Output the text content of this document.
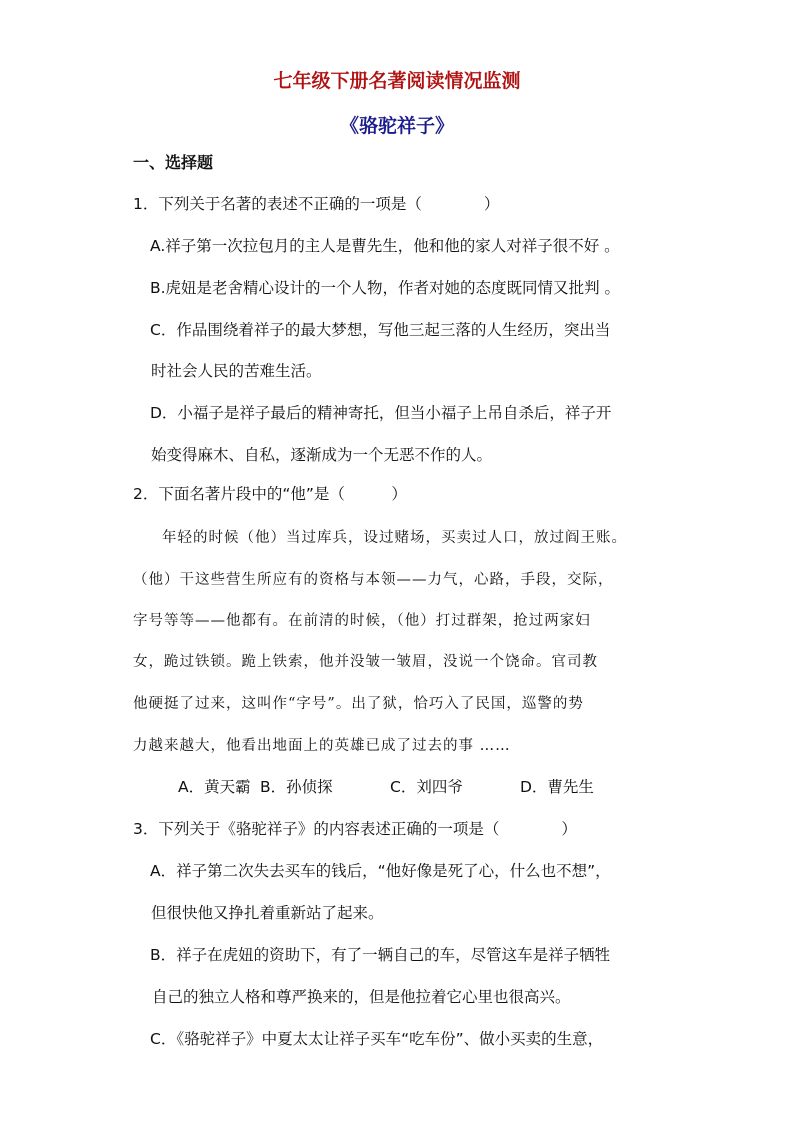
七年级下册名著阅读情况监测
《骆驼祥子》
一、选择题
1．下列关于名著的表述不正确的一项是（　　　　）
A.祥子第一次拉包月的主人是曹先生，他和他的家人对祥子很不好 。
B.虎妞是老舍精心设计的一个人物，作者对她的态度既同情又批判 。
C．作品围绕着祥子的最大梦想，写他三起三落的人生经历，突出当
时社会人民的苦难生活。
D．小福子是祥子最后的精神寄托，但当小福子上吊自杀后，祥子开
始变得麻木、自私，逐渐成为一个无恶不作的人。
2．下面名著片段中的“他”是（　　　）
年轻的时候（他）当过库兵，设过赌场，买卖过人口，放过阎王账。
（他）干这些营生所应有的资格与本领——力气，心路，手段，交际，
字号等等——他都有。在前清的时候，（他）打过群架，抢过两家妇
女，跪过铁锁。跪上铁索，他并没皱一皱眉，没说一个饶命。官司教
他硬挺了过来，这叫作“字号”。出了狱，恰巧入了民国，巡警的势
力越来越大，他看出地面上的英雄已成了过去的事 ……
A．黄天霸 B．孙侦探	C．刘四爷	D．曹先生
3．下列关于《骆驼祥子》的内容表述正确的一项是（　　　　）
A．祥子第二次失去买车的钱后，“他好像是死了心，什么也不想”，
但很快他又挣扎着重新站了起来。
B．祥子在虎妞的资助下，有了一辆自己的车，尽管这车是祥子牺牲
自己的独立人格和尊严换来的，但是他拉着它心里也很高兴。
C．《骆驼祥子》中夏太太让祥子买车“吃车份”、做小买卖的生意，
